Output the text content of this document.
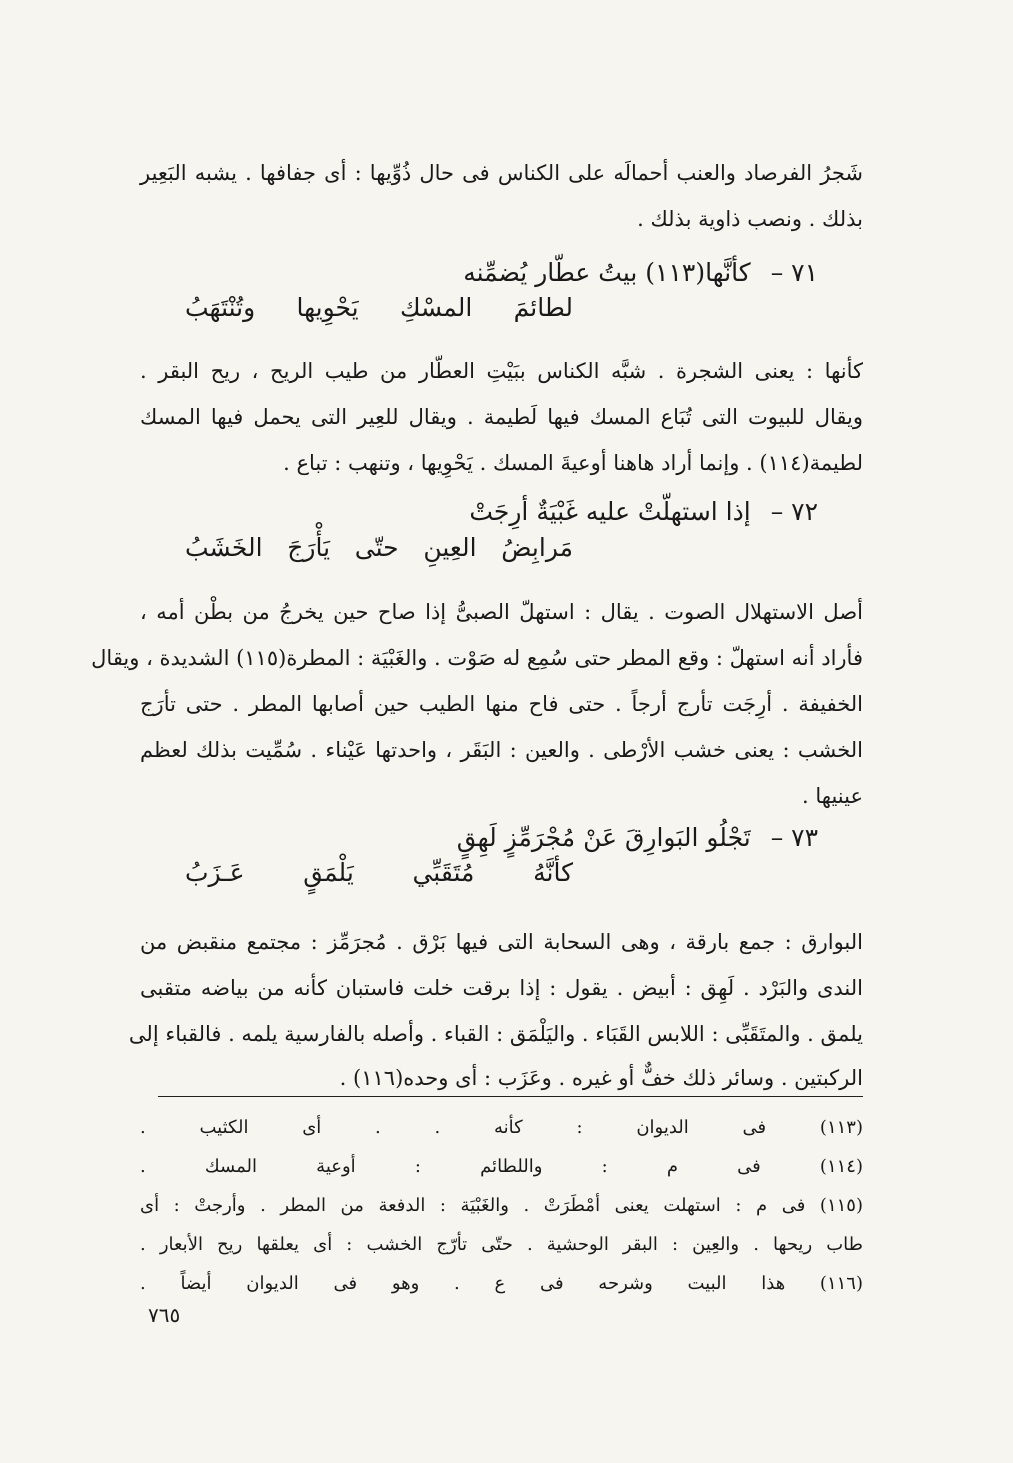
شَجرُ الفرصاد والعنب أحمالَه على الكناس فى حال ذُوِّيها : أى جفافها . يشبه البَعِير
بذلك . ونصب ذاوية بذلك .
٧١ –كأنَّها(١١٣) بيتُ عطّار يُضمِّنه
لطائمَ المسْكِ يَحْوِيها وتُنْتَهَبُ
كأنها : يعنى الشجرة . شبَّه الكناس ببَيْتِ العطّار من طيب الريح ، ريح البقر .
ويقال للبيوت التى تُبَاع المسك فيها لَطيمة . ويقال للعِير التى يحمل فيها المسك
لطيمة(١١٤) . وإنما أراد هاهنا أوعيةَ المسك . يَحْوِيها ، وتنهب : تباع .
٧٢ –إذا استهلّتْ عليه غَبْيَةٌ أرِجَتْ
مَرابِضُ العِينِ حتّى يَأْرَجَ الخَشَبُ
أصل الاستهلال الصوت . يقال : استهلّ الصبىُّ إذا صاح حين يخرجُ من بطْن أمه ،
فأراد أنه استهلّ : وقع المطر حتى سُمِع له صَوْت . والغَبْيَة : المطرة(١١٥) الشديدة ، ويقال
الخفيفة . أرِجَت تأرج أرجاً . حتى فاح منها الطيب حين أصابها المطر . حتى تأرَج
الخشب : يعنى خشب الأرْطى . والعين : البَقَر ، واحدتها عَيْناء . سُمِّيت بذلك لعظم
عينيها .
٧٣ –تَجْلُو البَوارِقَ عَنْ مُجْرَمِّزٍ لَهِقٍ
كأنَّهُ مُتَقَبِّي يَلْمَقٍ عَـزَبُ
البوارق : جمع بارقة ، وهى السحابة التى فيها بَرْق . مُجرَمِّز : مجتمع منقبض من
الندى والبَرْد . لَهِق : أبيض . يقول : إذا برقت خلت فاستبان كأنه من بياضه متقبى
يلمق . والمتَقَبِّى : اللابس القَبَاء . واليَلْمَق : القباء . وأصله بالفارسية يلمه . فالقباء إلى
الركبتين . وسائر ذلك خفٌّ أو غيره . وعَزَب : أى وحده(١١٦) .
(١١٣) فى الديوان : كأنه . . أى الكثيب .
(١١٤) فى م : واللطائم : أوعية المسك .
(١١٥) فى م : استهلت يعنى أمْطَرَتْ . والغَبْيَة : الدفعة من المطر . وأرجتْ : أى
طاب ريحها . والعِين : البقر الوحشية . حتّى تأرّج الخشب : أى يعلقها ريح الأبعار .
(١١٦) هذا البيت وشرحه فى ع . وهو فى الديوان أيضاً .
٧٦٥
